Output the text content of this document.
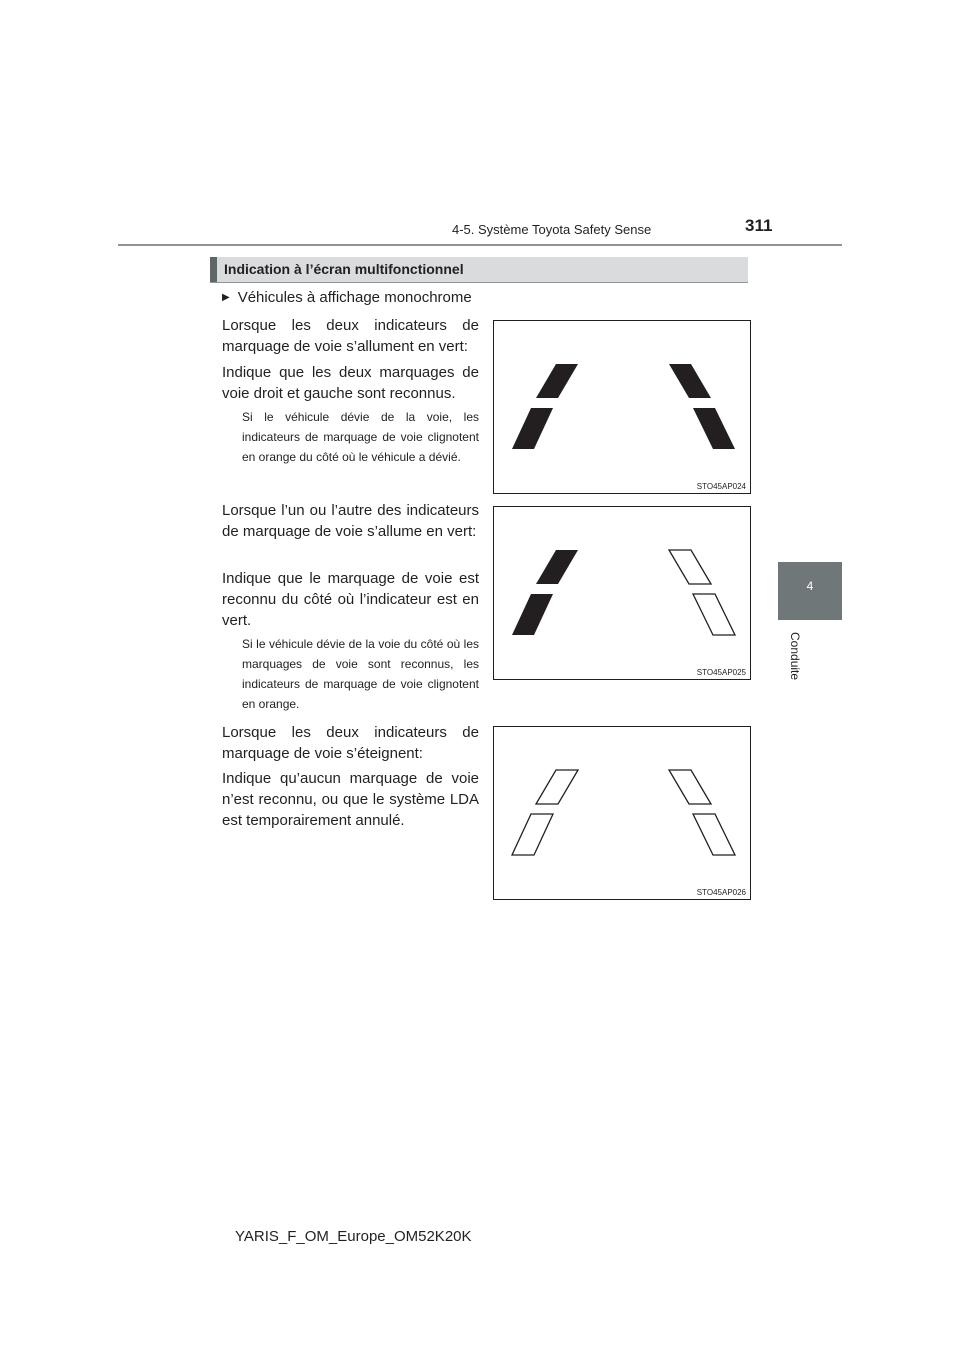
4-5. Système Toyota Safety Sense	311
4
Conduite
Indication à l’écran multifonctionnel
▶ Véhicules à affichage monochrome
Lorsque les deux indicateurs de marquage de voie s’allument en vert:
Indique que les deux marquages de voie droit et gauche sont reconnus.
Si le véhicule dévie de la voie, les indicateurs de marquage de voie clignotent en orange du côté où le véhicule a dévié.
STO45AP024
Lorsque l’un ou l’autre des indicateurs de marquage de voie s’allume en vert:
Indique que le marquage de voie est reconnu du côté où l’indicateur est en vert.
Si le véhicule dévie de la voie du côté où les marquages de voie sont reconnus, les indicateurs de marquage de voie clignotent en orange.
STO45AP025
Lorsque les deux indicateurs de marquage de voie s’éteignent:
Indique qu’aucun marquage de voie n’est reconnu, ou que le système LDA est temporairement annulé.
STO45AP026
YARIS_F_OM_Europe_OM52K20K
